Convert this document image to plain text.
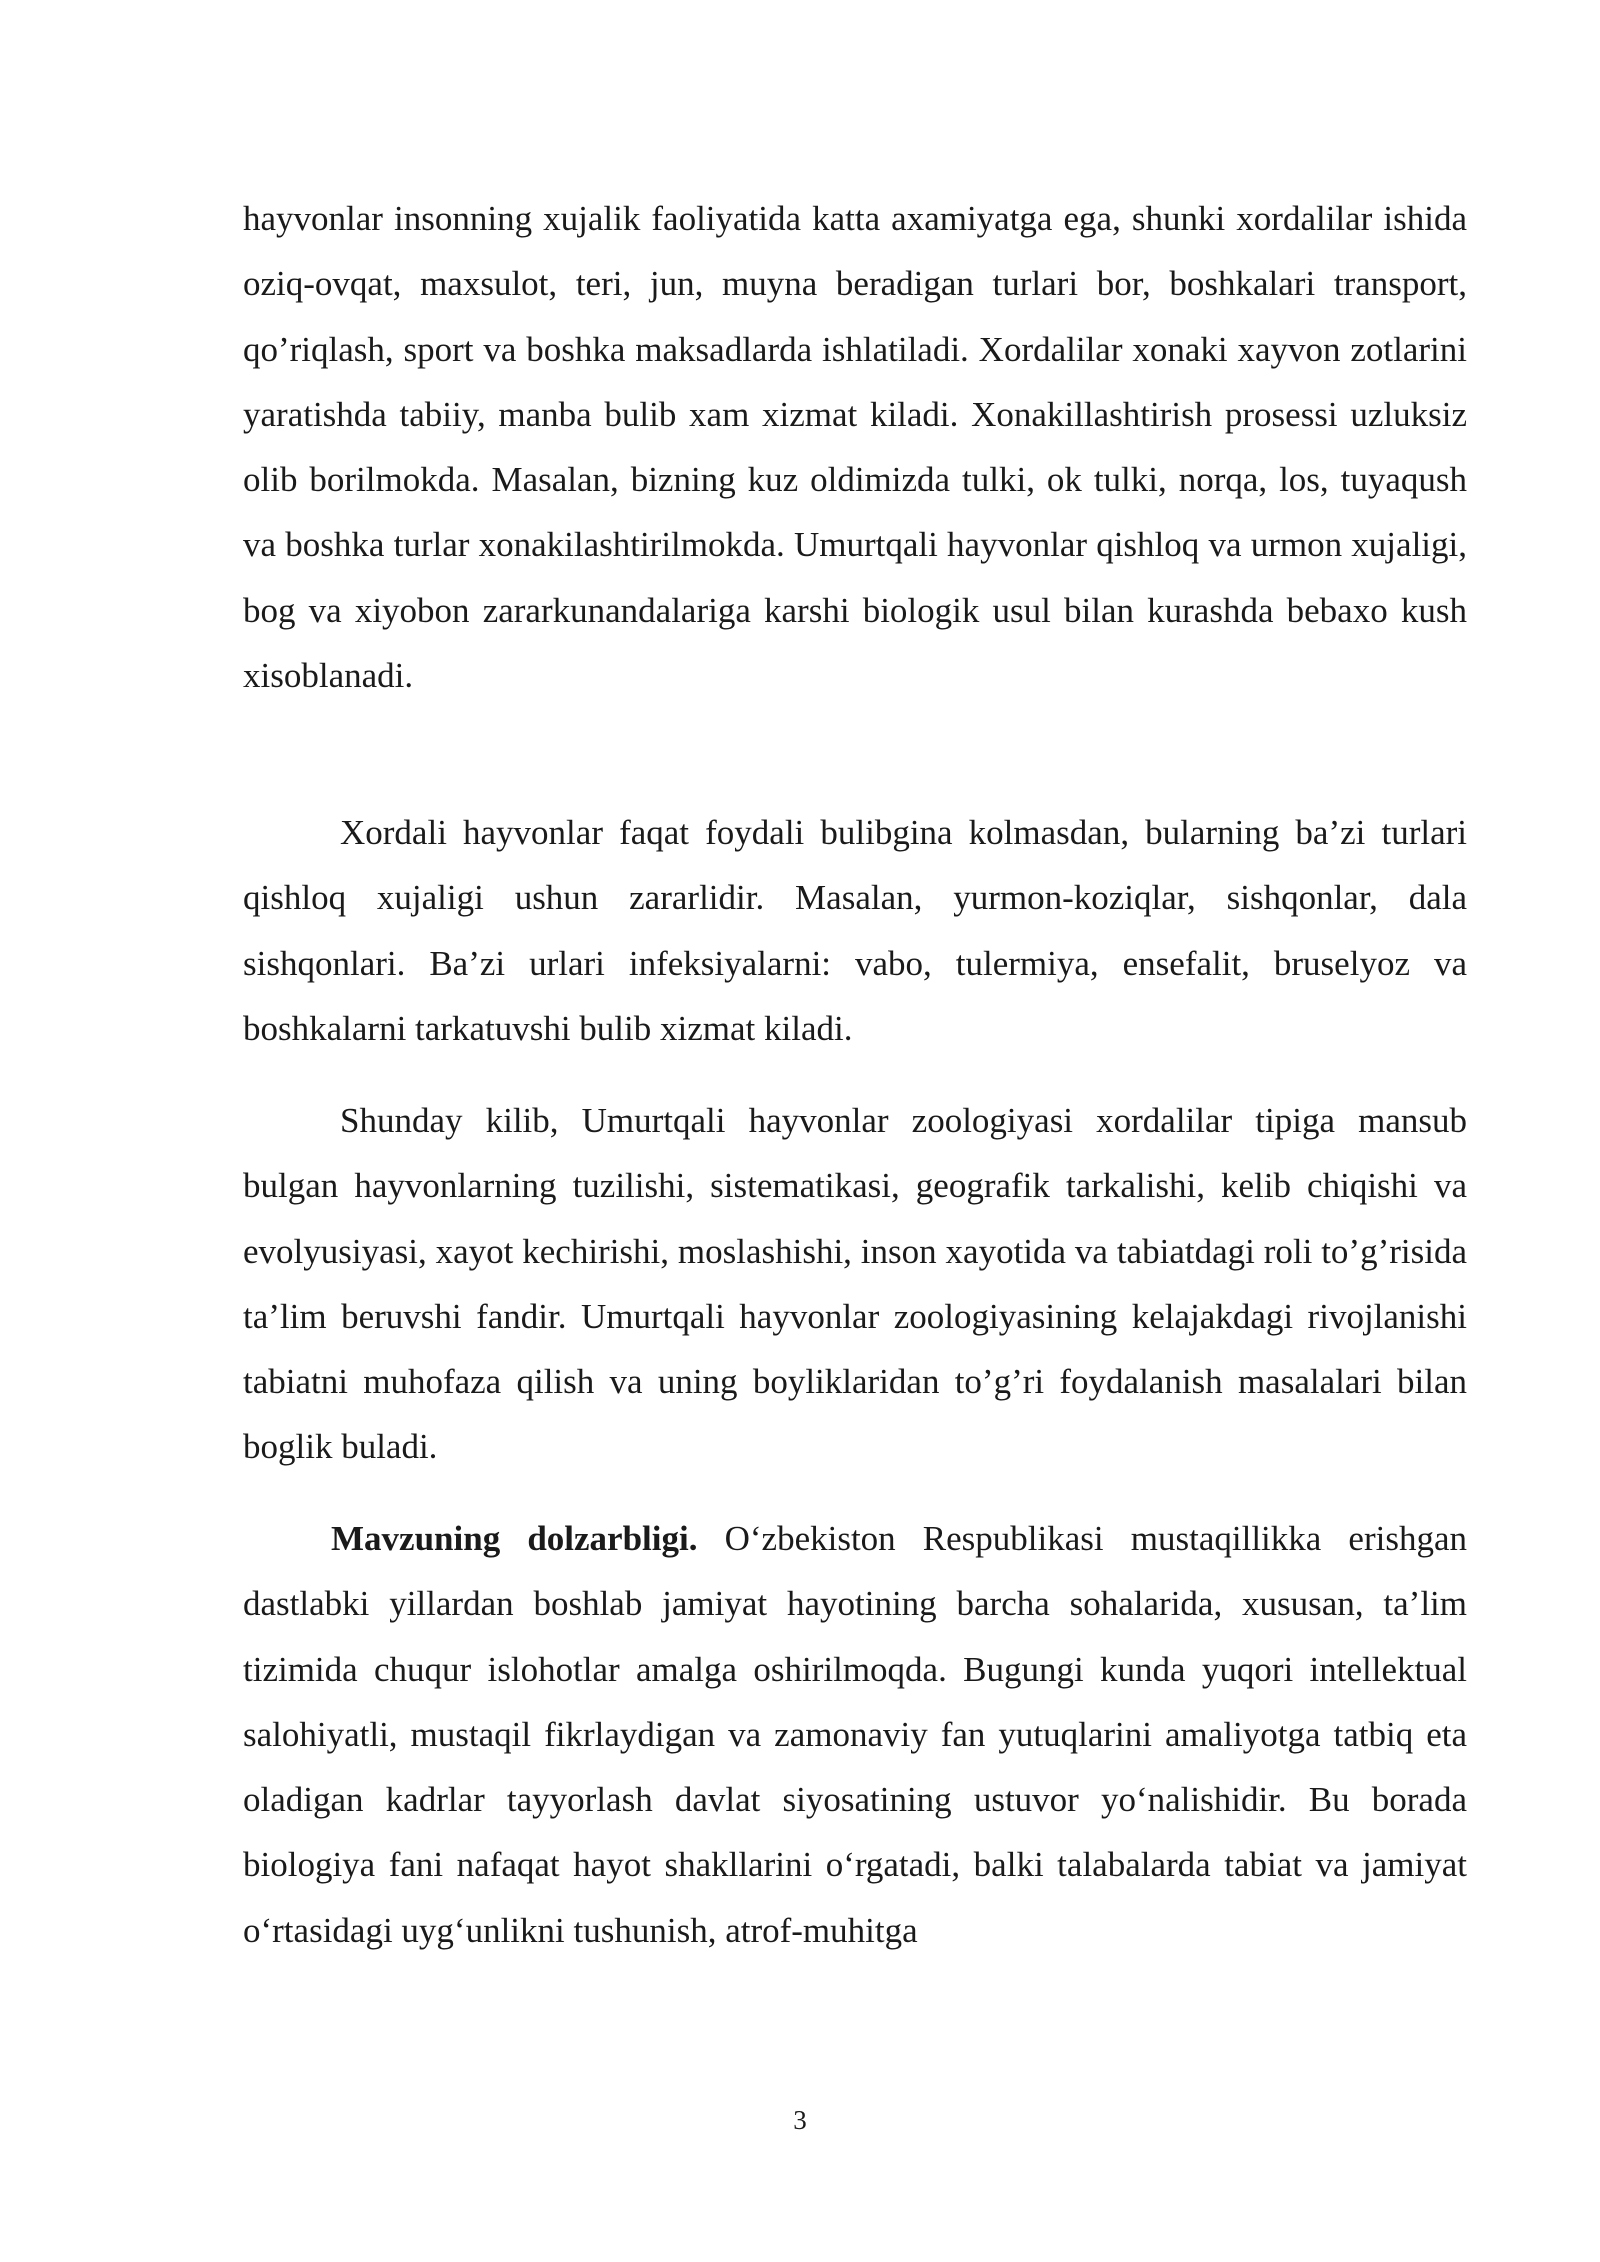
hayvonlar insonning xujalik faoliyatida katta axamiyatga ega, shunki xordalilar ishida oziq-ovqat, maxsulot, teri, jun, muyna beradigan turlari bor, boshkalari transport, qo’riqlash, sport va boshka maksadlarda ishlatiladi. Xordalilar xonaki xayvon zotlarini yaratishda tabiiy, manba bulib xam xizmat kiladi. Xonakillashtirish prosessi uzluksiz olib borilmokda. Masalan, bizning kuz oldimizda tulki, ok tulki, norqa, los, tuyaqush va boshka turlar xonakilashtirilmokda. Umurtqali hayvonlar qishloq va urmon xujaligi, bog va xiyobon zararkunandalariga karshi biologik usul bilan kurashda bebaxo kush xisoblanadi.

Xordali hayvonlar faqat foydali bulibgina kolmasdan, bularning ba’zi turlari qishloq xujaligi ushun zararlidir. Masalan, yurmon-koziqlar, sishqonlar, dala sishqonlari. Ba’zi urlari infeksiyalarni: vabo, tulermiya, ensefalit, bruselyoz va boshkalarni tarkatuvshi bulib xizmat kiladi.

Shunday kilib, Umurtqali hayvonlar zoologiyasi xordalilar tipiga mansub bulgan hayvonlarning tuzilishi, sistematikasi, geografik tarkalishi, kelib chiqishi va evolyusiyasi, xayot kechirishi, moslashishi, inson xayotida va tabiatdagi roli to’g’risida ta’lim beruvshi fandir. Umurtqali hayvonlar zoologiyasining kelajakdagi rivojlanishi tabiatni muhofaza qilish va uning boyliklaridan to’g’ri foydalanish masalalari bilan boglik buladi.

Mavzuning dolzarbligi. O‘zbekiston Respublikasi mustaqillikka erishgan dastlabki yillardan boshlab jamiyat hayotining barcha sohalarida, xususan, ta’lim tizimida chuqur islohotlar amalga oshirilmoqda. Bugungi kunda yuqori intellektual salohiyatli, mustaqil fikrlaydigan va zamonaviy fan yutuqlarini amaliyotga tatbiq eta oladigan kadrlar tayyorlash davlat siyosatining ustuvor yo‘nalishidir. Bu borada biologiya fani nafaqat hayot shakllarini o‘rgatadi, balki talabalarda tabiat va jamiyat o‘rtasidagi uyg‘unlikni tushunish, atrof-muhitga

3
